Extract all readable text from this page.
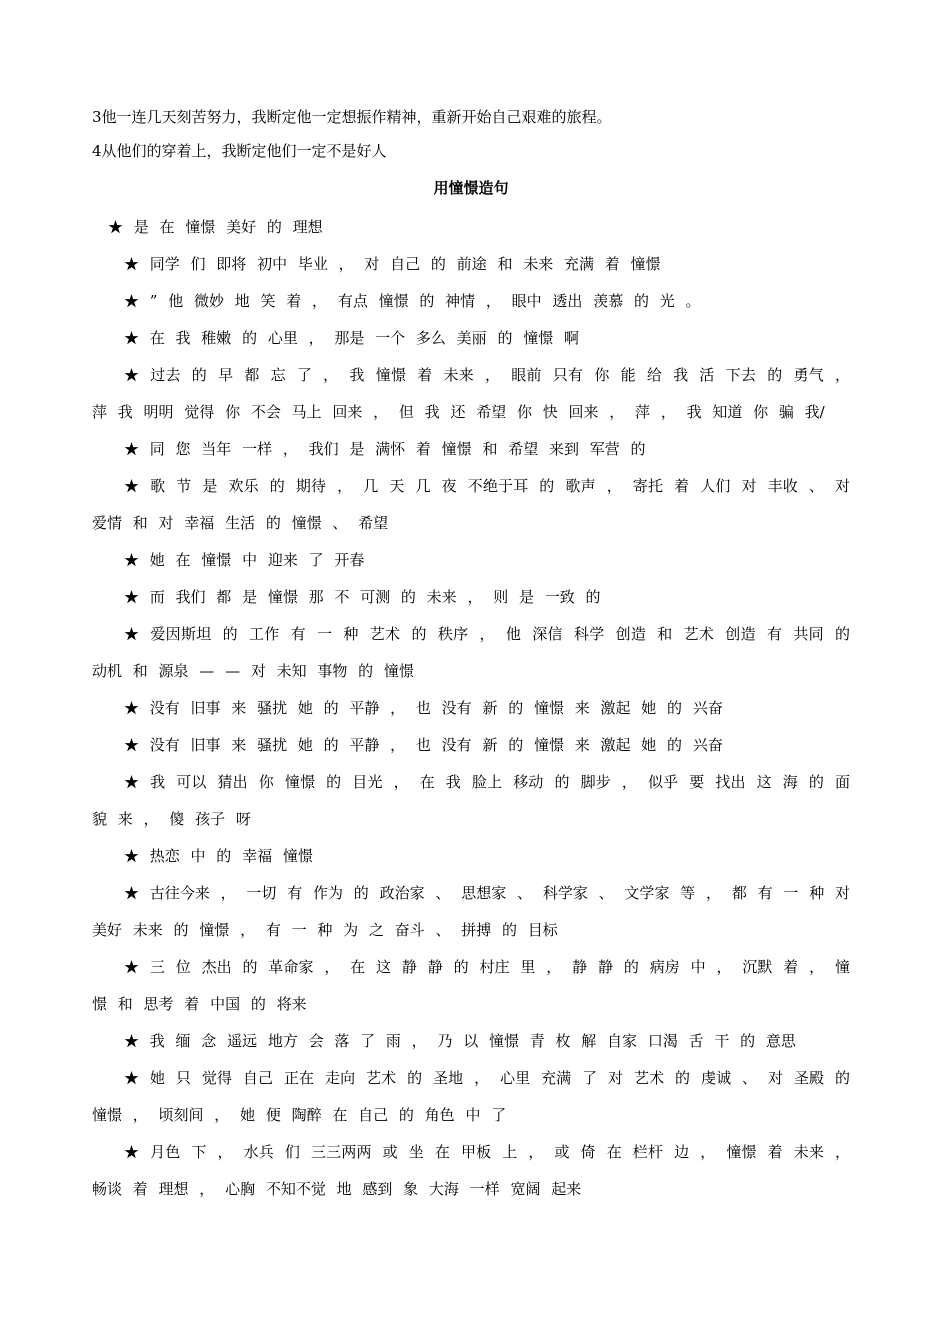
3他一连几天刻苦努力，我断定他一定想振作精神，重新开始自己艰难的旅程。

4从他们的穿着上，我断定他们一定不是好人

用憧憬造句

★ 是 在 憧憬 美好 的 理想

★ 同学 们 即将 初中 毕业 ， 对 自己 的 前途 和 未来 充满 着 憧憬

★ ” 他 微妙 地 笑 着 ， 有点 憧憬 的 神情 ， 眼中 透出 羡慕 的 光 。

★ 在 我 稚嫩 的 心里 ， 那是 一个 多么 美丽 的 憧憬 啊

★ 过去 的 早 都 忘 了 ， 我 憧憬 着 未来 ， 眼前 只有 你 能 给 我 活 下去 的 勇气 ， 萍 我 明明 觉得 你 不会 马上 回来 ， 但 我 还 希望 你 快 回来 ， 萍 ， 我 知道 你 骗 我/

★ 同 您 当年 一样 ， 我们 是 满怀 着 憧憬 和 希望 来到 军营 的

★ 歌 节 是 欢乐 的 期待 ， 几 天 几 夜 不绝于耳 的 歌声 ， 寄托 着 人们 对 丰收 、 对 爱情 和 对 幸福 生活 的 憧憬 、 希望

★ 她 在 憧憬 中 迎来 了 开春

★ 而 我们 都 是 憧憬 那 不 可测 的 未来 ， 则 是 一致 的

★ 爱因斯坦 的 工作 有 一 种 艺术 的 秩序 ， 他 深信 科学 创造 和 艺术 创造 有 共同 的 动机 和 源泉 — — 对 未知 事物 的 憧憬

★ 没有 旧事 来 骚扰 她 的 平静 ， 也 没有 新 的 憧憬 来 激起 她 的 兴奋

★ 没有 旧事 来 骚扰 她 的 平静 ， 也 没有 新 的 憧憬 来 激起 她 的 兴奋

★ 我 可以 猜出 你 憧憬 的 目光 ， 在 我 脸上 移动 的 脚步 ， 似乎 要 找出 这 海 的 面 貌 来 ， 傻 孩子 呀

★ 热恋 中 的 幸福 憧憬

★ 古往今来 ， 一切 有 作为 的 政治家 、 思想家 、 科学家 、 文学家 等 ， 都 有 一 种 对 美好 未来 的 憧憬 ， 有 一 种 为 之 奋斗 、 拼搏 的 目标

★ 三 位 杰出 的 革命家 ， 在 这 静 静 的 村庄 里 ， 静 静 的 病房 中 ， 沉默 着 ， 憧 憬 和 思考 着 中国 的 将来

★ 我 缅 念 遥远 地方 会 落 了 雨 ， 乃 以 憧憬 青 枚 解 自家 口渴 舌 干 的 意思

★ 她 只 觉得 自己 正在 走向 艺术 的 圣地 ， 心里 充满 了 对 艺术 的 虔诚 、 对 圣殿 的 憧憬 ， 顷刻间 ， 她 便 陶醉 在 自己 的 角色 中 了

★ 月色 下 ， 水兵 们 三三两两 或 坐 在 甲板 上 ， 或 倚 在 栏杆 边 ， 憧憬 着 未来 ， 畅谈 着 理想 ， 心胸 不知不觉 地 感到 象 大海 一样 宽阔 起来
